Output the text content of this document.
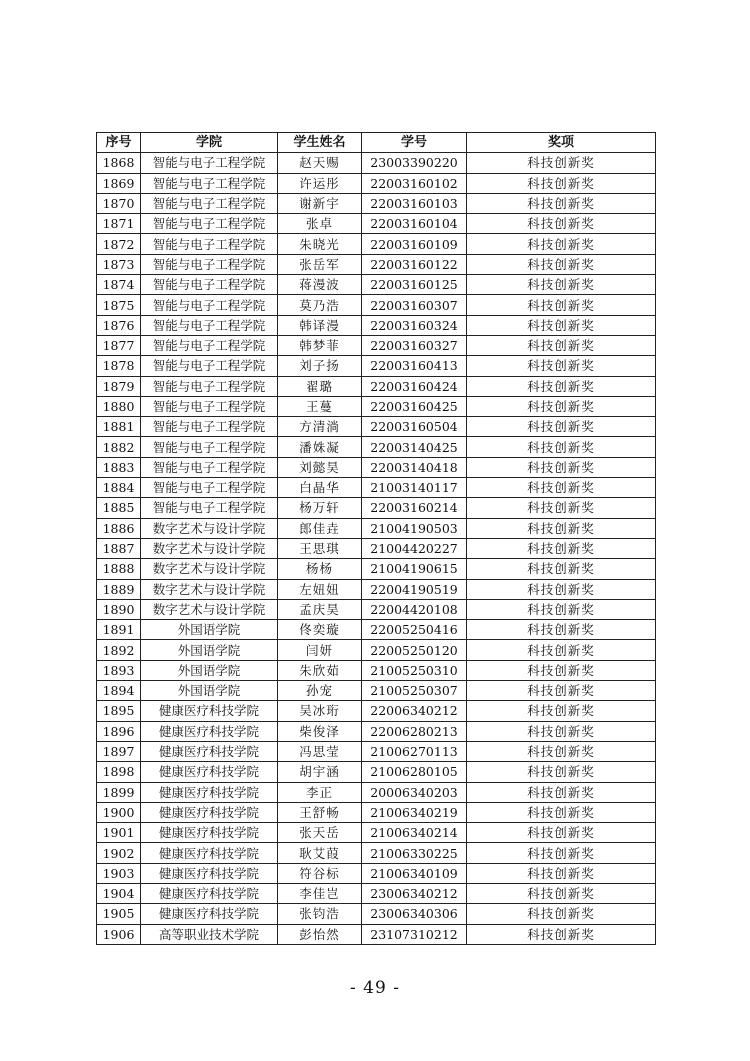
序号	学院	学生姓名	学号	奖项
1868	智能与电子工程学院	赵天赐	23003390220	科技创新奖
1869	智能与电子工程学院	许运彤	22003160102	科技创新奖
1870	智能与电子工程学院	谢新宇	22003160103	科技创新奖
1871	智能与电子工程学院	张卓	22003160104	科技创新奖
1872	智能与电子工程学院	朱晓光	22003160109	科技创新奖
1873	智能与电子工程学院	张岳军	22003160122	科技创新奖
1874	智能与电子工程学院	蒋漫波	22003160125	科技创新奖
1875	智能与电子工程学院	莫乃浩	22003160307	科技创新奖
1876	智能与电子工程学院	韩译漫	22003160324	科技创新奖
1877	智能与电子工程学院	韩梦菲	22003160327	科技创新奖
1878	智能与电子工程学院	刘子扬	22003160413	科技创新奖
1879	智能与电子工程学院	翟璐	22003160424	科技创新奖
1880	智能与电子工程学院	王蔓	22003160425	科技创新奖
1881	智能与电子工程学院	方清淌	22003160504	科技创新奖
1882	智能与电子工程学院	潘姝凝	22003140425	科技创新奖
1883	智能与电子工程学院	刘懿昊	22003140418	科技创新奖
1884	智能与电子工程学院	白晶华	21003140117	科技创新奖
1885	智能与电子工程学院	杨万轩	22003160214	科技创新奖
1886	数字艺术与设计学院	郎佳垚	21004190503	科技创新奖
1887	数字艺术与设计学院	王思琪	21004420227	科技创新奖
1888	数字艺术与设计学院	杨杨	21004190615	科技创新奖
1889	数字艺术与设计学院	左妞妞	22004190519	科技创新奖
1890	数字艺术与设计学院	孟庆昊	22004420108	科技创新奖
1891	外国语学院	佟奕璇	22005250416	科技创新奖
1892	外国语学院	闫妍	22005250120	科技创新奖
1893	外国语学院	朱欣茹	21005250310	科技创新奖
1894	外国语学院	孙宠	21005250307	科技创新奖
1895	健康医疗科技学院	吴冰珩	22006340212	科技创新奖
1896	健康医疗科技学院	柴俊泽	22006280213	科技创新奖
1897	健康医疗科技学院	冯思莹	21006270113	科技创新奖
1898	健康医疗科技学院	胡宇涵	21006280105	科技创新奖
1899	健康医疗科技学院	李正	20006340203	科技创新奖
1900	健康医疗科技学院	王舒畅	21006340219	科技创新奖
1901	健康医疗科技学院	张天岳	21006340214	科技创新奖
1902	健康医疗科技学院	耿艾葭	21006330225	科技创新奖
1903	健康医疗科技学院	符谷标	21006340109	科技创新奖
1904	健康医疗科技学院	李佳岂	23006340212	科技创新奖
1905	健康医疗科技学院	张钧浩	23006340306	科技创新奖
1906	高等职业技术学院	彭怡然	23107310212	科技创新奖
- 49 -
